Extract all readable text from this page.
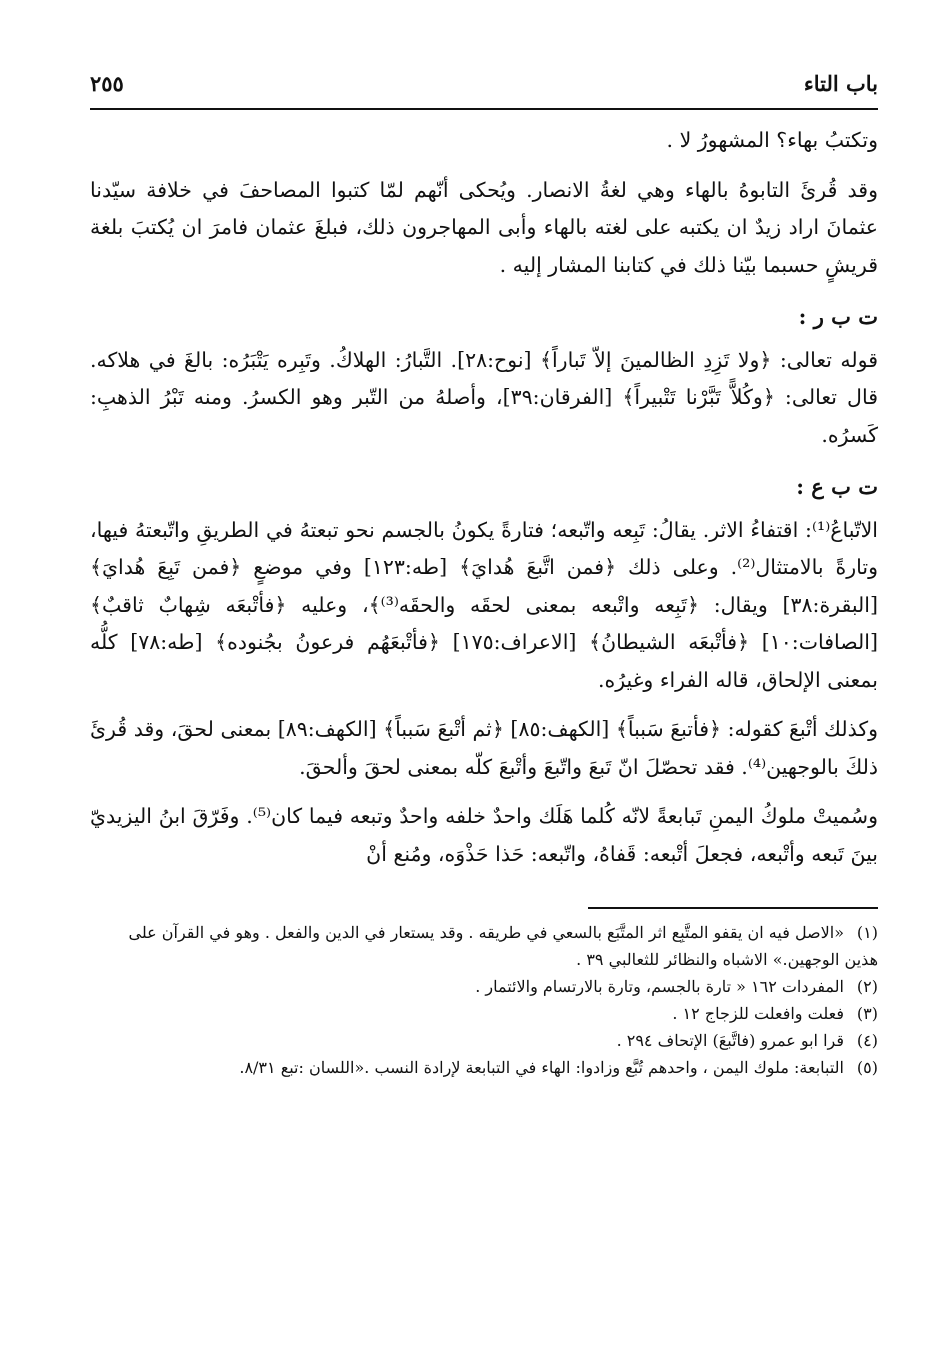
باب التاء
٢٥٥

وتكتبُ بهاء؟ المشهورُ لا .

وقد قُرئَ التابوهُ بالهاء وهي لغةُ الانصار. ويُحكى أنّهم لمّا كتبوا المصاحفَ في خلافة سيّدنا عثمانَ اراد زيدٌ ان يكتبه على لغته بالهاء وأبى المهاجرون ذلك، فبلغَ عثمان فامرَ ان يُكتبَ بلغة قريشٍ حسبما بيّنا ذلك في كتابنا المشار إليه .

ت ب ر :

قوله تعالى: ﴿ولا تَزِدِ الظالمينَ إلاّ تَباراً﴾ [نوح:٢٨]. التَّبارُ: الهلاكُ. وتَبِره يَتْبَرُه: بالغَ في هلاكه. قال تعالى: ﴿وكُلاًّ تَبَّرْنا تَتْبيراً﴾ [الفرقان:٣٩]، وأصلهُ من التّبر وهو الكسرُ. ومنه تَبْرُ الذهبِ: كَسرُه.

ت ب ع :

الاتّباعُ⁽¹⁾: اقتفاءُ الاثر. يقالُ: تَبِعه واتّبعه؛ فتارةً يكونُ بالجسم نحو تبعتهُ في الطريقِ واتّبعتهُ فيها، وتارةً بالامتثال⁽²⁾. وعلى ذلك ﴿فمن اتَّبعَ هُدايَ﴾ [طه:١٢٣] وفي موضعٍ ﴿فمن تَبِعَ هُدايَ﴾ [البقرة:٣٨] ويقال: ﴿تَبِعه واتْبعه بمعنى لحقَه والحقَه⁽³⁾﴾، وعليه ﴿فأتْبعَه شِهابٌ ثاقبٌ﴾ [الصافات:١٠] ﴿فأتْبعَه الشيطانُ﴾ [الاعراف:١٧٥] ﴿فأتْبعَهُم فرعونُ بجُنوده﴾ [طه:٧٨] كلُّه بمعنى الإلحاق، قاله الفراء وغيرُه.

وكذلك أتْبعَ كقوله: ﴿فأتبعَ سَبباً﴾ [الكهف:٨٥] ﴿ثم أتْبعَ سَبباً﴾ [الكهف:٨٩] بمعنى لحقَ، وقد قُرئَ ذلكَ بالوجهين⁽⁴⁾. فقد تحصّلَ انّ تَبعَ واتّبعَ وأتْبعَ كلّه بمعنى لحقَ وألحقَ.

وسُميتْ ملوكُ اليمنِ تَبابعةً لانّه كُلما هَلَك واحدٌ خلفه واحدٌ وتبعه فيما كان⁽⁵⁾. وفَرّقَ ابنُ اليزيديّ بينَ تَبعه وأتْبعه، فجعلَ أتْبعه: قَفاهُ، واتّبعه: حَذا حَذْوَه، ومُنع أنْ

(١)«الاصل فيه ان يقفو المتَّبِع اثر المتَّبَع بالسعي في طريقه . وقد يستعار في الدين والفعل . وهو في القرآن على هذين الوجهين.» الاشباه والنظائر للثعالبي ٣٩ .

(٢)المفردات ١٦٢ « تارة بالجسم، وتارة بالارتسام والائتمار .

(٣)فعلت وافعلت للزجاج ١٢ .

(٤)قرا ابو عمرو (فاتَّبعَ) الإتحاف ٢٩٤ .

(٥)التبابعة: ملوك اليمن ، واحدهم تُبَّع وزادوا: الهاء في التبابعة لإرادة النسب .«اللسان :تبع ٨/٣١.
